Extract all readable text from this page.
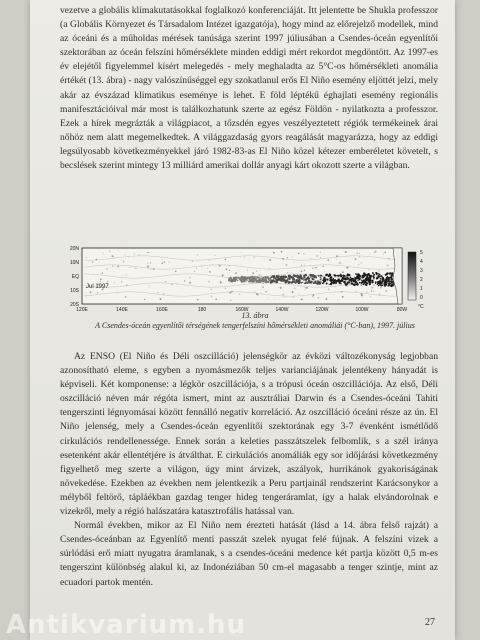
vezetve a globális klímakutatásokkal foglalkozó konferenciáját. Itt jelentette be Shukla professzor (a Globális Környezet és Társadalom Intézet igazgatója), hogy mind az előrejelző modellek, mind az óceáni és a műholdas mérések tanúsága szerint 1997 júliusában a Csendes-óceán egyenlítői szektorában az óceán felszíni hőmérséklete minden eddigi mért rekordot megdöntött. Az 1997-es év elejétől figyelemmel kísért melegedés - mely meghaladta az 5°C-os hőmérsékleti anomália értékét (13. ábra) - nagy valószínűséggel egy szokatlanul erős El Niño esemény eljöttét jelzi, mely akár az évszázad klimatikus eseménye is lehet. E föld léptékű éghajlati esemény regionális manifesztációival már most is találkozhatunk szerte az egész Földön - nyilatkozta a professzor. Ezek a hírek megrázták a világpiacot, a tőzsdén egyes veszélyeztetett régiók termékeinek árai nőhöz nem alatt megemelkedtek. A világgazdaság gyors reagálását magyarázza, hogy az eddigi legsúlyosabb következményekkel járó 1982-83-as El Niño közel kétezer emberéletet követelt, s becslések szerint mintegy 13 milliárd amerikai dollár anyagi kárt okozott szerte a világban.

20N
10N
EQ
10S
20S
120E	140E	160E	180	160W	140W	120W	100W	80W
Jul 1997
5
4
3
2
1
0
°C
13. ábra
A Csendes-óceán egyenlítői térségének tengerfelszíni hőmérsékleti anomáliái (°C-ban), 1997. július

Az ENSO (El Niño és Déli oszcilláció) jelenségkör az évközi változékonyság legjobban azonosítható eleme, s egyben a nyomásmezők teljes varianciájának jelentékeny hányadát is képviseli. Két komponense: a légkör oszcillációja, s a trópusi óceán oszcillációja. Az első, Déli oszcilláció néven már régóta ismert, mint az ausztráliai Darwin és a Csendes-óceáni Tahiti tengerszinti légnyomásai között fennálló negatív korreláció. Az oszcilláció óceáni része az ún. El Niño jelenség, mely a Csendes-óceán egyenlítői szektorának egy 3-7 évenként ismétlődő cirkulációs rendellenessége. Ennek során a keleties passzátszelek felbomlik, s a szél iránya esetenként akár ellentétjére is átválthat. E cirkulációs anomáliák egy sor időjárási következmény figyelhető meg szerte a világon, úgy mint árvizek, aszályok, hurrikánok gyakoriságának növekedése. Ezekben az években nem jelentkezik a Peru partjainál rendszerint Karácsonykor a mélyből feltörő, tápláékban gazdag tenger hideg tengeráramlat, így a halak elvándorolnak e vizekről, mely a régió halászatára katasztrofális hatással van.

Normál években, mikor az El Niño nem érezteti hatását (lásd a 14. ábra felső rajzát) a Csendes-óceánban az Egyenlítő menti passzát szelek nyugat felé fújnak. A felszíni vizek a súrlódási erő miatt nyugatra áramlanak, s a csendes-óceáni medence két partja között 0,5 m-es tengerszint különbség alakul ki, az Indonéziában 50 cm-el magasabb a tenger szintje, mint az ecuadori partok mentén.

27
Antikvarium.hu
